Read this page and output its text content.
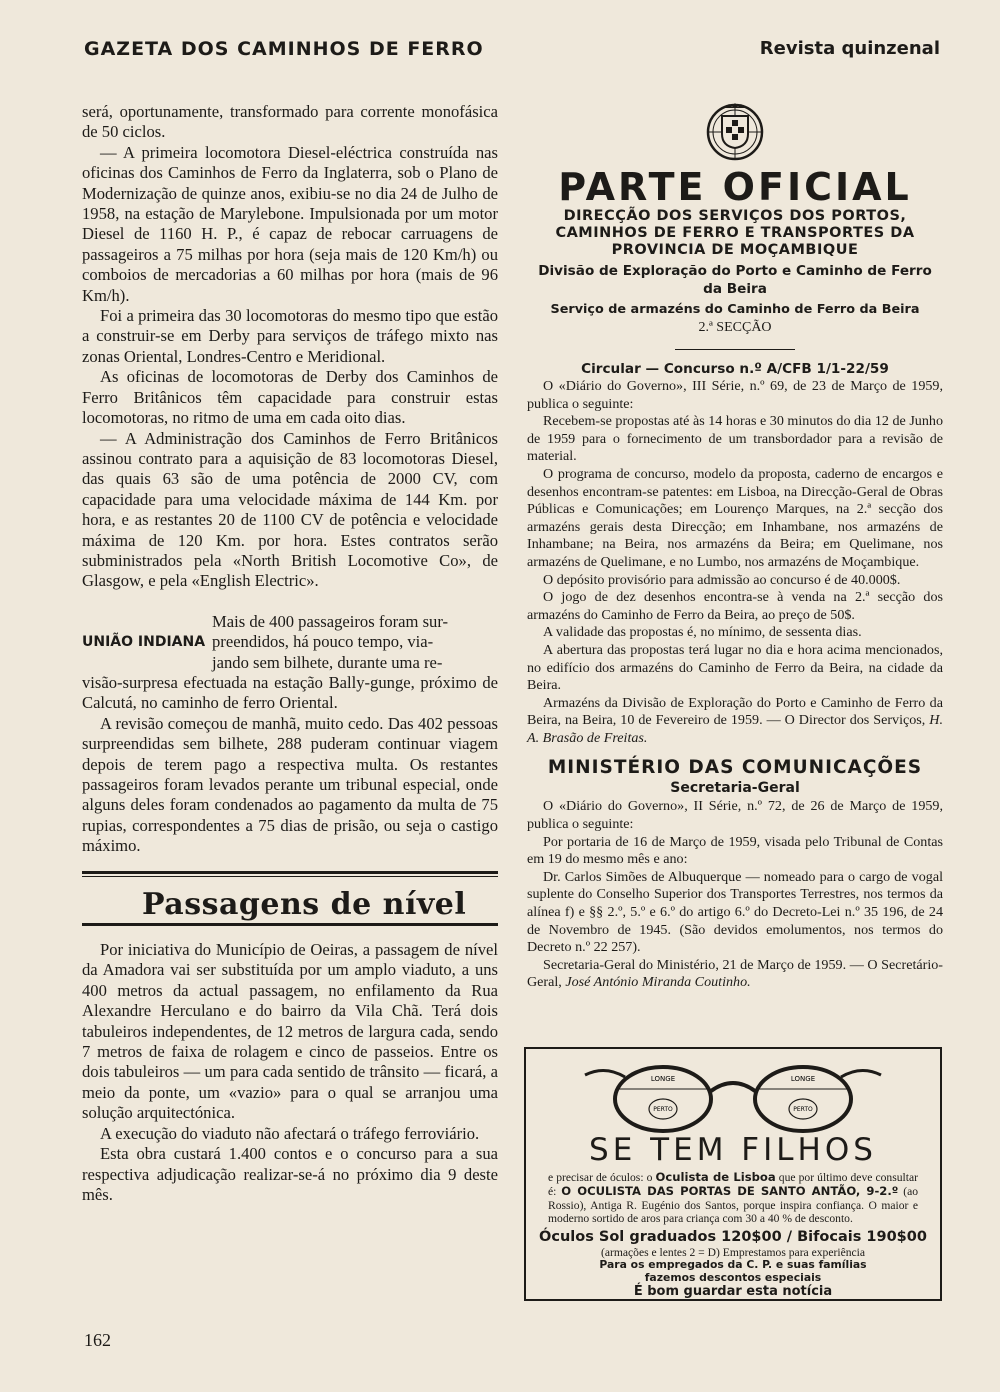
GAZETA DOS CAMINHOS DE FERRO	Revista quinzenal

será, oportunamente, transformado para corrente monofásica de 50 ciclos.

— A primeira locomotora Diesel-eléctrica construída nas oficinas dos Caminhos de Ferro da Inglaterra, sob o Plano de Modernização de quinze anos, exibiu-se no dia 24 de Julho de 1958, na estação de Marylebone. Impulsionada por um motor Diesel de 1160 H. P., é capaz de rebocar carruagens de passageiros a 75 milhas por hora (seja mais de 120 Km/h) ou comboios de mercadorias a 60 milhas por hora (mais de 96 Km/h).

Foi a primeira das 30 locomotoras do mesmo tipo que estão a construir-se em Derby para serviços de tráfego mixto nas zonas Oriental, Londres-Centro e Meridional.

As oficinas de locomotoras de Derby dos Caminhos de Ferro Britânicos têm capacidade para construir estas locomotoras, no ritmo de uma em cada oito dias.

— A Administração dos Caminhos de Ferro Britânicos assinou contrato para a aquisição de 83 locomotoras Diesel, das quais 63 são de uma potência de 2000 CV, com capacidade para uma velocidade máxima de 144 Km. por hora, e as restantes 20 de 1100 CV de potência e velocidade máxima de 120 Km. por hora. Estes contratos serão subministrados pela «North British Locomotive Co», de Glasgow, e pela «English Electric».

UNIÃO INDIANA
Mais de 400 passageiros foram sur-
preendidos, há pouco tempo, via-
jando sem bilhete, durante uma re-

visão-surpresa efectuada na estação Bally-gunge, próximo de Calcutá, no caminho de ferro Oriental.

A revisão começou de manhã, muito cedo. Das 402 pessoas surpreendidas sem bilhete, 288 puderam continuar viagem depois de terem pago a respectiva multa. Os restantes passageiros foram levados perante um tribunal especial, onde alguns deles foram condenados ao pagamento da multa de 75 rupias, correspondentes a 75 dias de prisão, ou seja o castigo máximo.

Passagens de nível

Por iniciativa do Município de Oeiras, a passagem de nível da Amadora vai ser substituída por um amplo viaduto, a uns 400 metros da actual passagem, no enfilamento da Rua Alexandre Herculano e do bairro da Vila Chã. Terá dois tabuleiros independentes, de 12 metros de largura cada, sendo 7 metros de faixa de rolagem e cinco de passeios. Entre os dois tabuleiros — um para cada sentido de trânsito — ficará, a meio da ponte, um «vazio» para o qual se arranjou uma solução arquitectónica.

A execução do viaduto não afectará o tráfego ferroviário.

Esta obra custará 1.400 contos e o concurso para a sua respectiva adjudicação realizar-se-á no próximo dia 9 deste mês.

162
PARTE OFICIAL
DIRECÇÃO DOS SERVIÇOS DOS PORTOS, CAMINHOS DE FERRO E TRANSPORTES DA PROVINCIA DE MOÇAMBIQUE
Divisão de Exploração do Porto e Caminho de Ferro da Beira
Serviço de armazéns do Caminho de Ferro da Beira
2.ª SECÇÃO
Circular — Concurso n.º A/CFB 1/1-22/59

O «Diário do Governo», III Série, n.º 69, de 23 de Março de 1959, publica o seguinte:

Recebem-se propostas até às 14 horas e 30 minutos do dia 12 de Junho de 1959 para o fornecimento de um transbordador para a revisão de material.

O programa de concurso, modelo da proposta, caderno de encargos e desenhos encontram-se patentes: em Lisboa, na Direcção-Geral de Obras Públicas e Comunicações; em Lourenço Marques, na 2.ª secção dos armazéns gerais desta Direcção; em Inhambane, nos armazéns de Inhambane; na Beira, nos armazéns da Beira; em Quelimane, nos armazéns de Quelimane, e no Lumbo, nos armazéns de Moçambique.

O depósito provisório para admissão ao concurso é de 40.000$.

O jogo de dez desenhos encontra-se à venda na 2.ª secção dos armazéns do Caminho de Ferro da Beira, ao preço de 50$.

A validade das propostas é, no mínimo, de sessenta dias.

A abertura das propostas terá lugar no dia e hora acima mencionados, no edifício dos armazéns do Caminho de Ferro da Beira, na cidade da Beira.

Armazéns da Divisão de Exploração do Porto e Caminho de Ferro da Beira, na Beira, 10 de Fevereiro de 1959. — O Director dos Serviços, H. A. Brasão de Freitas.

MINISTÉRIO DAS COMUNICAÇÕES
Secretaria-Geral

O «Diário do Governo», II Série, n.º 72, de 26 de Março de 1959, publica o seguinte:

Por portaria de 16 de Março de 1959, visada pelo Tribunal de Contas em 19 do mesmo mês e ano:

Dr. Carlos Simões de Albuquerque — nomeado para o cargo de vogal suplente do Conselho Superior dos Transportes Terrestres, nos termos da alínea f) e §§ 2.º, 5.º e 6.º do artigo 6.º do Decreto-Lei n.º 35 196, de 24 de Novembro de 1945. (São devidos emolumentos, nos termos do Decreto n.º 22 257).

Secretaria-Geral do Ministério, 21 de Março de 1959. — O Secretário-Geral, José António Miranda Coutinho.

LONGE	LONGE
PERTO	PERTO
SE TEM FILHOS
e precisar de óculos: o Oculista de Lisboa que por último deve consultar é: O OCULISTA DAS PORTAS DE SANTO ANTÃO, 9-2.º (ao Rossio), Antiga R. Eugénio dos Santos, porque inspira confiança. O maior e moderno sortido de aros para criança com 30 a 40 % de desconto.
Óculos Sol graduados 120$00 / Bifocais 190$00
(armações e lentes 2 = D) Emprestamos para experiência
Para os empregados da C. P. e suas famílias
fazemos descontos especiais
É bom guardar esta notícia
